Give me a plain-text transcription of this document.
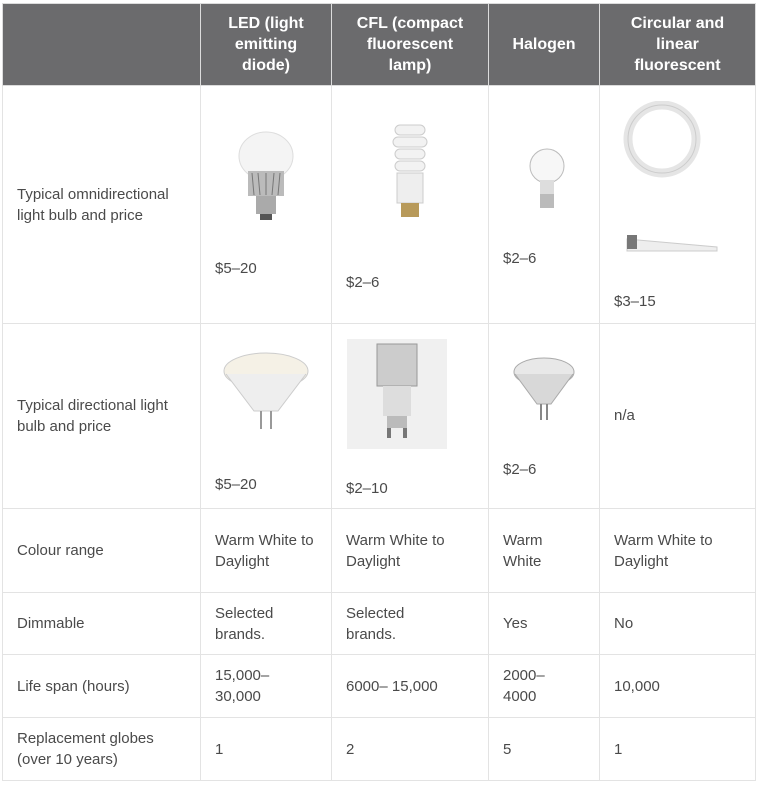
	LED (light emitting diode)	CFL (compact fluorescent lamp)	Halogen	Circular and linear fluorescent
Typical omnidirectional light bulb and price	$5–20	$2–6	$2–6	$3–15

Typical directional light bulb and price	$5–20	$2–10	$2–6	n/a

Colour range	Warm White to Daylight	Warm White to Daylight	Warm White	Warm White to Daylight
Dimmable	Selected brands.	Selected brands.	Yes	No
Life span (hours)	15,000–30,000	6000– 15,000	2000–4000	10,000
Replacement globes (over 10 years)	1	2	5	1
